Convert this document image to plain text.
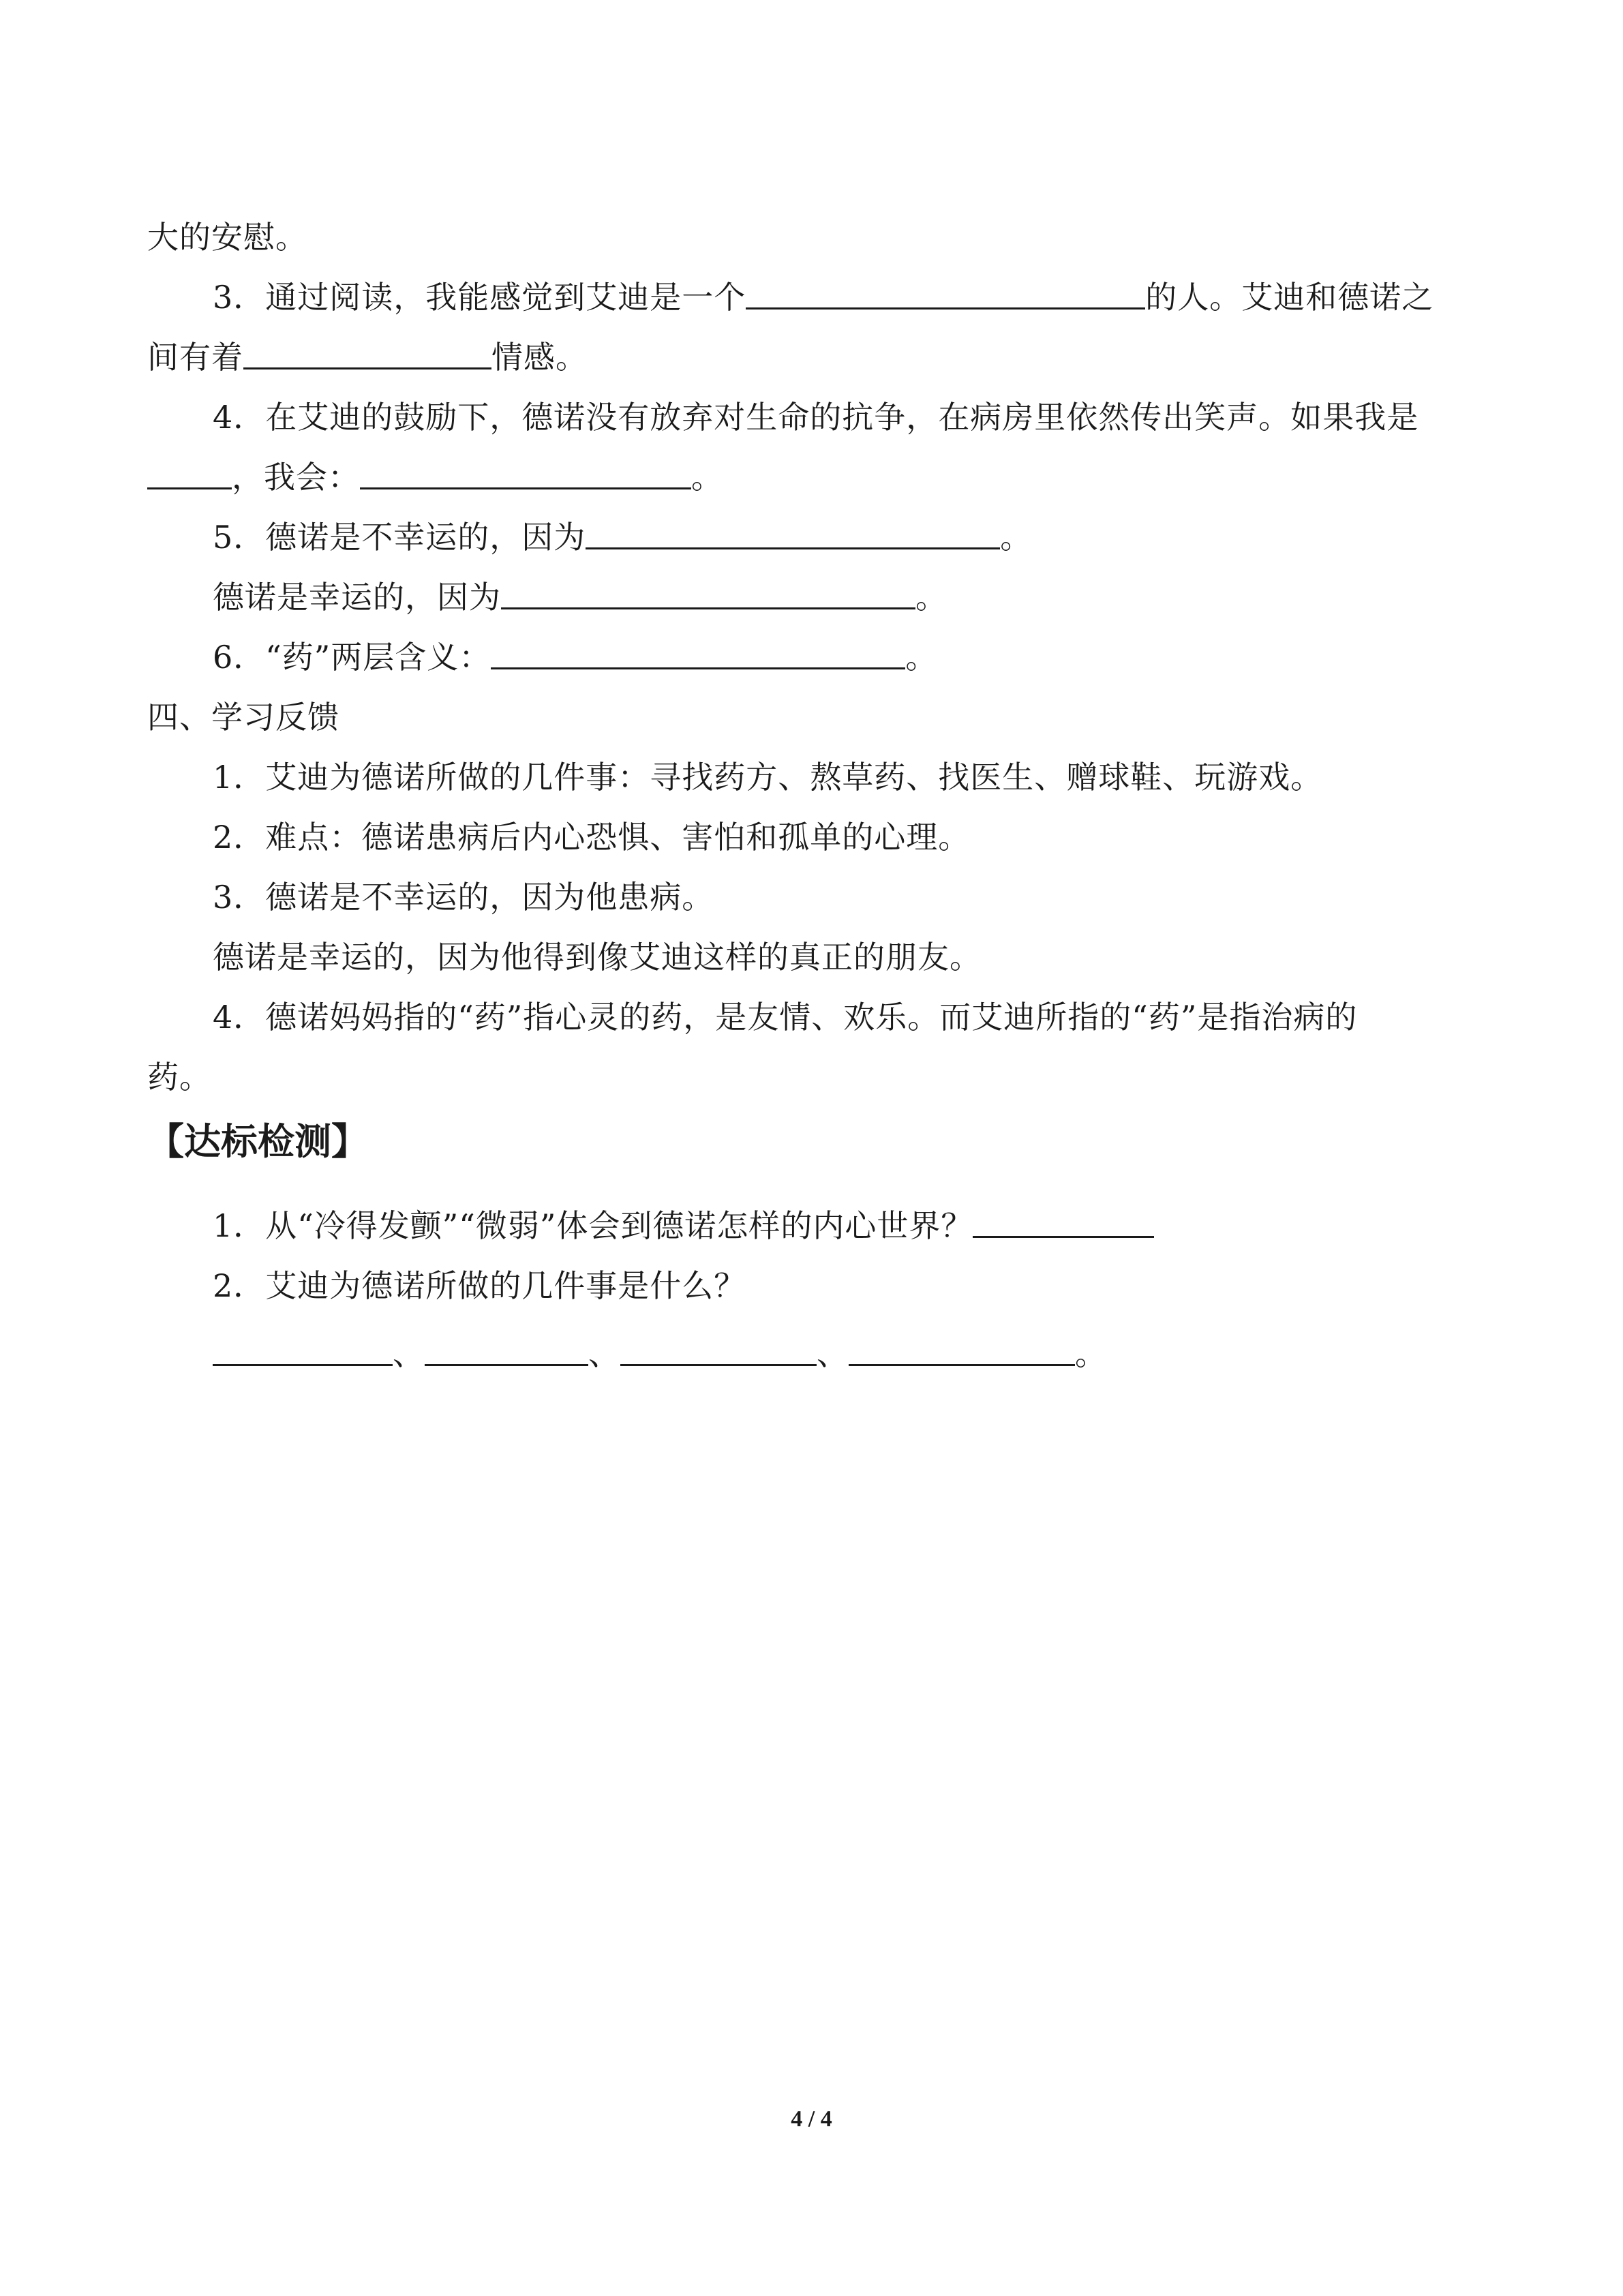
大的安慰。
3．通过阅读，我能感觉到艾迪是一个	的人。艾迪和德诺之
间有着	情感。
4．在艾迪的鼓励下，德诺没有放弃对生命的抗争，在病房里依然传出笑声。如果我是
，我会：	。
5．德诺是不幸运的，因为	。
德诺是幸运的，因为	。
6．“药”两层含义：	。
四、学习反馈
1．艾迪为德诺所做的几件事：寻找药方、熬草药、找医生、赠球鞋、玩游戏。
2．难点：德诺患病后内心恐惧、害怕和孤单的心理。
3．德诺是不幸运的，因为他患病。
德诺是幸运的，因为他得到像艾迪这样的真正的朋友。
4．德诺妈妈指的“药”指心灵的药，是友情、欢乐。而艾迪所指的“药”是指治病的
药。
【达标检测】
1．从“冷得发颤”“微弱”体会到德诺怎样的内心世界？
2．艾迪为德诺所做的几件事是什么？
、	、	、	。
4 / 4
